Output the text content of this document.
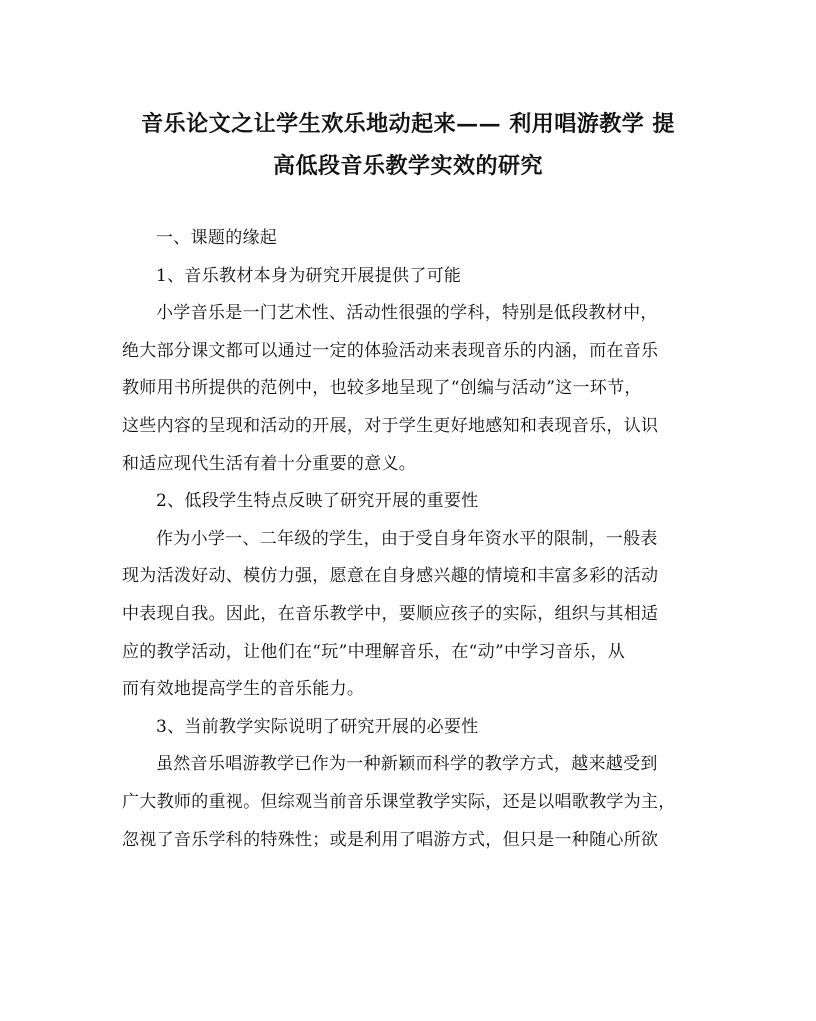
音乐论文之让学生欢乐地动起来—— 利用唱游教学 提
高低段音乐教学实效的研究
一、课题的缘起
1、音乐教材本身为研究开展提供了可能
小学音乐是一门艺术性、活动性很强的学科，特别是低段教材中，
绝大部分课文都可以通过一定的体验活动来表现音乐的内涵，而在音乐
教师用书所提供的范例中，也较多地呈现了“创编与活动”这一环节，
这些内容的呈现和活动的开展，对于学生更好地感知和表现音乐，认识
和适应现代生活有着十分重要的意义。
2、低段学生特点反映了研究开展的重要性
作为小学一、二年级的学生，由于受自身年资水平的限制，一般表
现为活泼好动、模仿力强，愿意在自身感兴趣的情境和丰富多彩的活动
中表现自我。因此，在音乐教学中，要顺应孩子的实际，组织与其相适
应的教学活动，让他们在“玩”中理解音乐，在“动”中学习音乐，从
而有效地提高学生的音乐能力。
3、当前教学实际说明了研究开展的必要性
虽然音乐唱游教学已作为一种新颖而科学的教学方式，越来越受到
广大教师的重视。但综观当前音乐课堂教学实际，还是以唱歌教学为主，
忽视了音乐学科的特殊性；或是利用了唱游方式，但只是一种随心所欲
